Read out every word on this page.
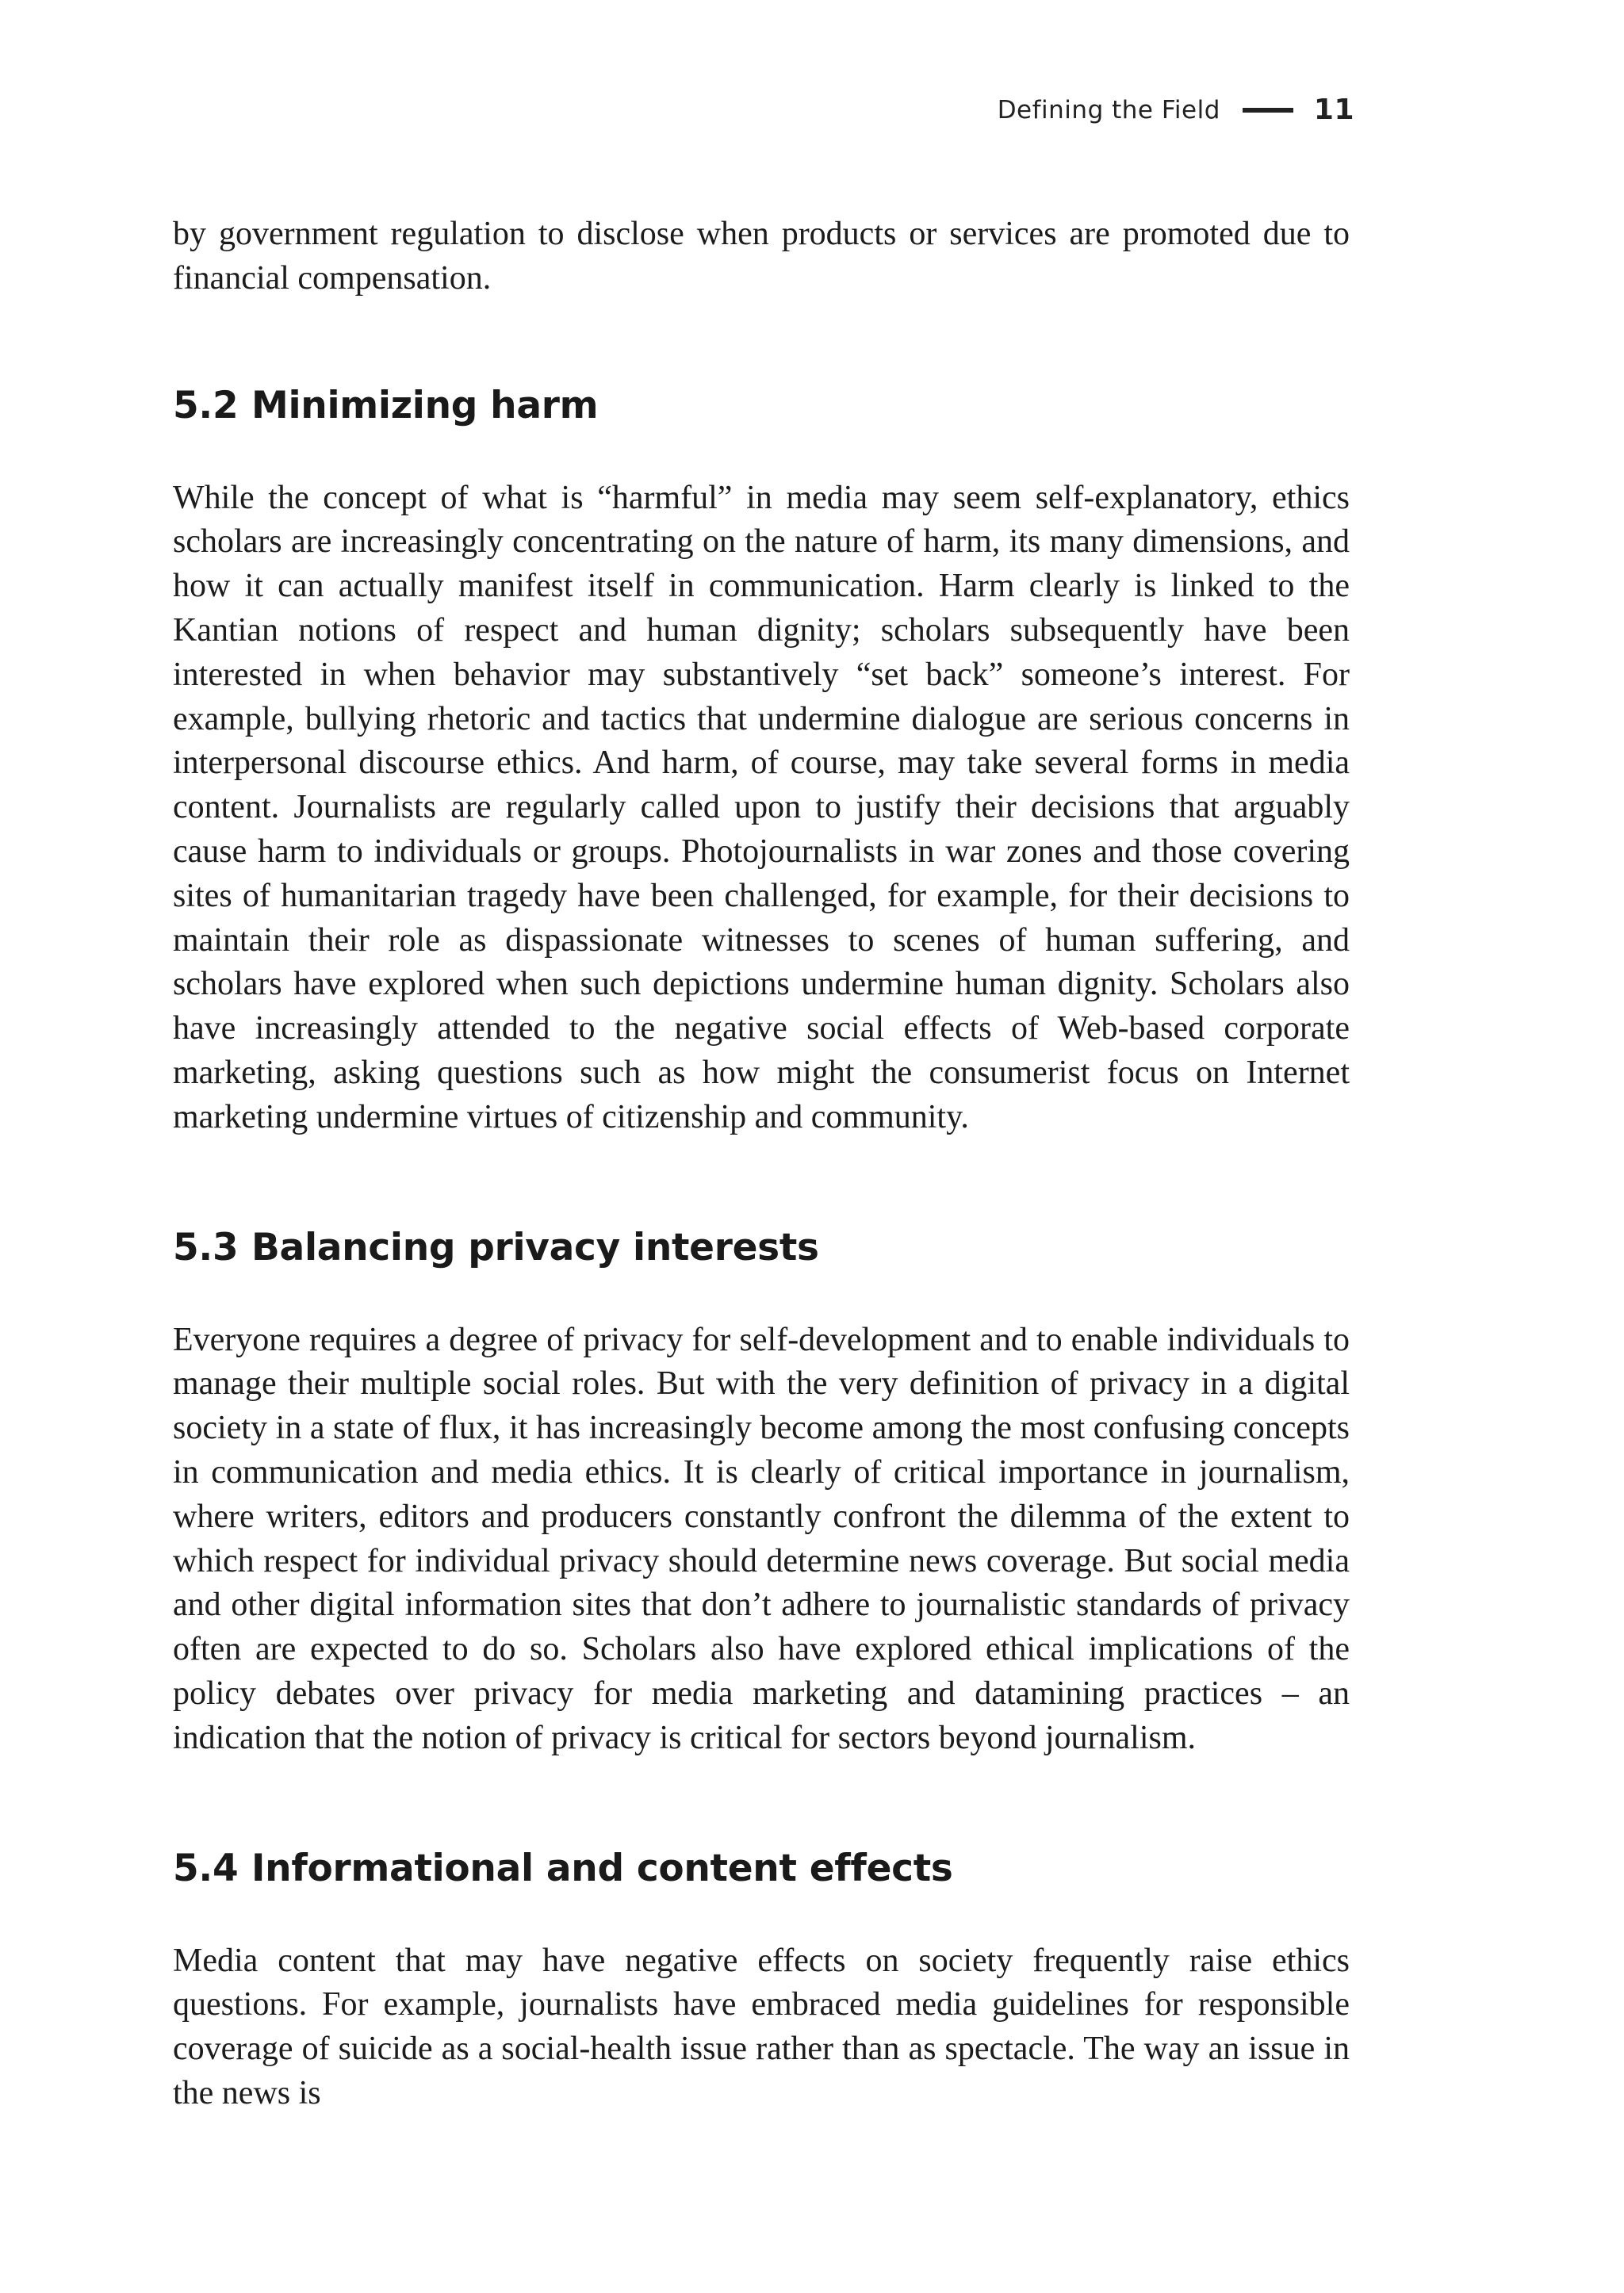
Defining the Field	11

by government regulation to disclose when products or services are promoted due to financial compensation.

5.2 Minimizing harm

While the concept of what is “harmful” in media may seem self-explanatory, ethics scholars are increasingly concentrating on the nature of harm, its many dimensions, and how it can actually manifest itself in communication. Harm clearly is linked to the Kantian notions of respect and human dignity; scholars subsequently have been interested in when behavior may substantively “set back” someone’s interest. For example, bullying rhetoric and tactics that undermine dialogue are serious concerns in interpersonal discourse ethics. And harm, of course, may take several forms in media content. Journalists are regularly called upon to justify their decisions that arguably cause harm to individuals or groups. Photojournalists in war zones and those covering sites of humanitarian tragedy have been challenged, for example, for their decisions to maintain their role as dispassionate witnesses to scenes of human suffering, and scholars have explored when such depictions undermine human dignity. Scholars also have increasingly attended to the negative social effects of Web-based corporate marketing, asking questions such as how might the consumerist focus on Internet marketing undermine virtues of citizenship and community.

5.3 Balancing privacy interests

Everyone requires a degree of privacy for self-development and to enable individuals to manage their multiple social roles. But with the very definition of privacy in a digital society in a state of flux, it has increasingly become among the most confusing concepts in communication and media ethics. It is clearly of critical importance in journalism, where writers, editors and producers constantly confront the dilemma of the extent to which respect for individual privacy should determine news coverage. But social media and other digital information sites that don’t adhere to journalistic standards of privacy often are expected to do so. Scholars also have explored ethical implications of the policy debates over privacy for media marketing and datamining practices – an indication that the notion of privacy is critical for sectors beyond journalism.

5.4 Informational and content effects

Media content that may have negative effects on society frequently raise ethics questions. For example, journalists have embraced media guidelines for responsible coverage of suicide as a social-health issue rather than as spectacle. The way an issue in the news is
